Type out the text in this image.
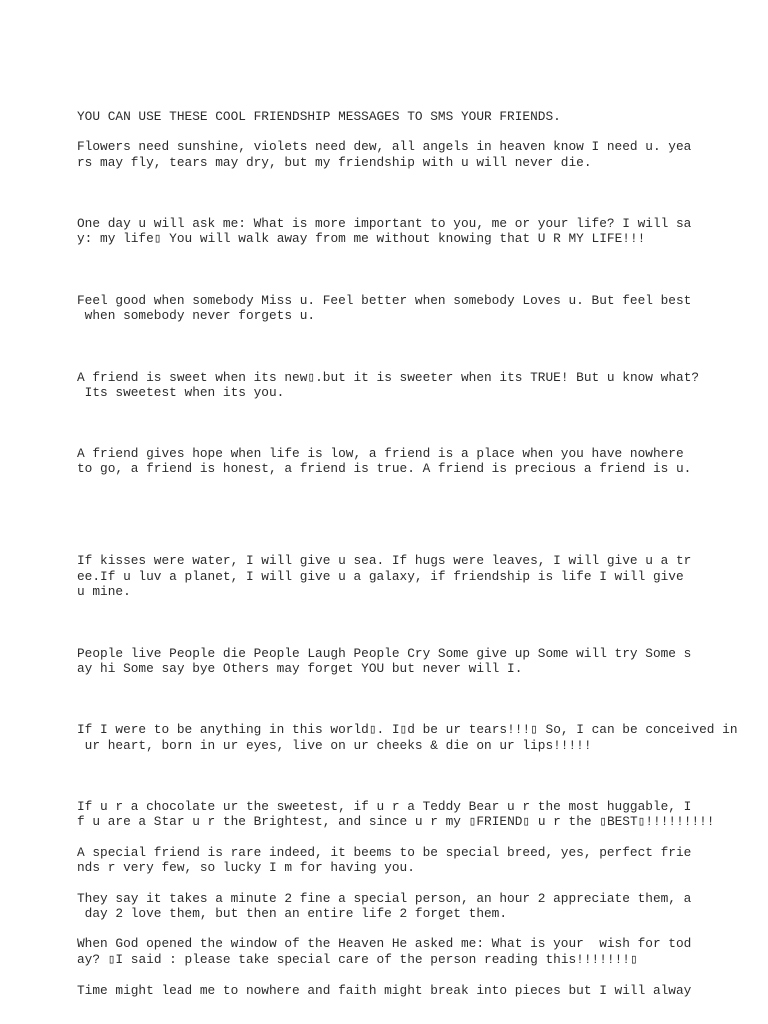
YOU CAN USE THESE COOL FRIENDSHIP MESSAGES TO SMS YOUR FRIENDS.

Flowers need sunshine, violets need dew, all angels in heaven know I need u. yea

rs may fly, tears may dry, but my friendship with u will never die.

One day u will ask me: What is more important to you, me or your life? I will sa

y: my life▯ You will walk away from me without knowing that U R MY LIFE!!!

Feel good when somebody Miss u. Feel better when somebody Loves u. But feel best

when somebody never forgets u.

A friend is sweet when its new▯.but it is sweeter when its TRUE! But u know what?

Its sweetest when its you.

A friend gives hope when life is low, a friend is a place when you have nowhere

to go, a friend is honest, a friend is true. A friend is precious a friend is u.

If kisses were water, I will give u sea. If hugs were leaves, I will give u a tr

ee.If u luv a planet, I will give u a galaxy, if friendship is life I will give

u mine.

People live People die People Laugh People Cry Some give up Some will try Some s

ay hi Some say bye Others may forget YOU but never will I.

If I were to be anything in this world▯. I▯d be ur tears!!!▯ So, I can be conceived in

ur heart, born in ur eyes, live on ur cheeks & die on ur lips!!!!!

If u r a chocolate ur the sweetest, if u r a Teddy Bear u r the most huggable, I

f u are a Star u r the Brightest, and since u r my ▯FRIEND▯ u r the ▯BEST▯!!!!!!!!!

A special friend is rare indeed, it beems to be special breed, yes, perfect frie

nds r very few, so lucky I m for having you.

They say it takes a minute 2 fine a special person, an hour 2 appreciate them, a

day 2 love them, but then an entire life 2 forget them.

When God opened the window of the Heaven He asked me: What is your  wish for tod

ay? ▯I said : please take special care of the person reading this!!!!!!!▯

Time might lead me to nowhere and faith might break into pieces but I will alway
